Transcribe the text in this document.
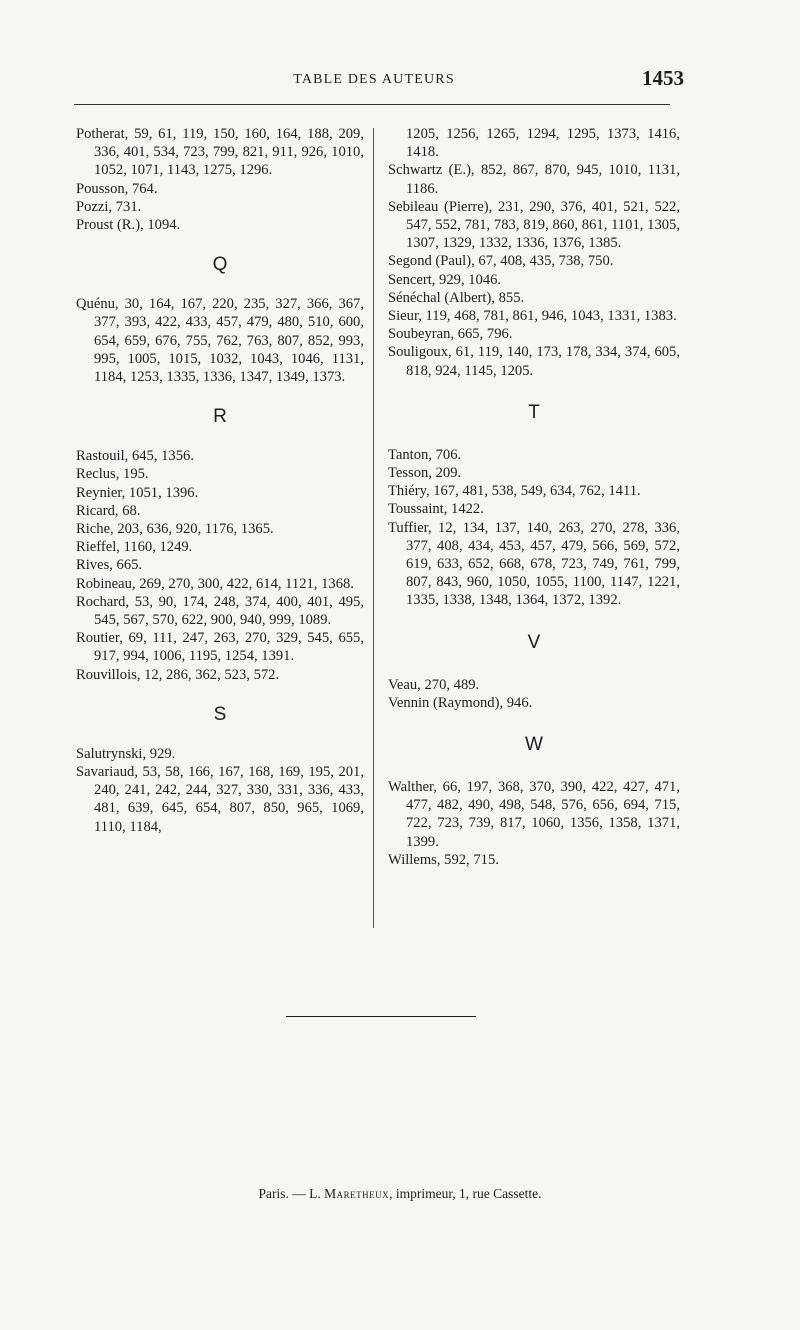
TABLE DES AUTEURS	1453
Potherat, 59, 61, 119, 150, 160, 164, 188, 209, 336, 401, 534, 723, 799, 821, 911, 926, 1010, 1052, 1071, 1143, 1275, 1296.
Pousson, 764.
Pozzi, 731.
Proust (R.), 1094.
Q
Quénu, 30, 164, 167, 220, 235, 327, 366, 367, 377, 393, 422, 433, 457, 479, 480, 510, 600, 654, 659, 676, 755, 762, 763, 807, 852, 993, 995, 1005, 1015, 1032, 1043, 1046, 1131, 1184, 1253, 1335, 1336, 1347, 1349, 1373.
R
Rastouil, 645, 1356.
Reclus, 195.
Reynier, 1051, 1396.
Ricard, 68.
Riche, 203, 636, 920, 1176, 1365.
Rieffel, 1160, 1249.
Rives, 665.
Robineau, 269, 270, 300, 422, 614, 1121, 1368.
Rochard, 53, 90, 174, 248, 374, 400, 401, 495, 545, 567, 570, 622, 900, 940, 999, 1089.
Routier, 69, 111, 247, 263, 270, 329, 545, 655, 917, 994, 1006, 1195, 1254, 1391.
Rouvillois, 12, 286, 362, 523, 572.
S
Salutrynski, 929.
Savariaud, 53, 58, 166, 167, 168, 169, 195, 201, 240, 241, 242, 244, 327, 330, 331, 336, 433, 481, 639, 645, 654, 807, 850, 965, 1069, 1110, 1184,
1205, 1256, 1265, 1294, 1295, 1373, 1416, 1418.
Schwartz (E.), 852, 867, 870, 945, 1010, 1131, 1186.
Sebileau (Pierre), 231, 290, 376, 401, 521, 522, 547, 552, 781, 783, 819, 860, 861, 1101, 1305, 1307, 1329, 1332, 1336, 1376, 1385.
Segond (Paul), 67, 408, 435, 738, 750.
Sencert, 929, 1046.
Sénéchal (Albert), 855.
Sieur, 119, 468, 781, 861, 946, 1043, 1331, 1383.
Soubeyran, 665, 796.
Souligoux, 61, 119, 140, 173, 178, 334, 374, 605, 818, 924, 1145, 1205.
T
Tanton, 706.
Tesson, 209.
Thiéry, 167, 481, 538, 549, 634, 762, 1411.
Toussaint, 1422.
Tuffier, 12, 134, 137, 140, 263, 270, 278, 336, 377, 408, 434, 453, 457, 479, 566, 569, 572, 619, 633, 652, 668, 678, 723, 749, 761, 799, 807, 843, 960, 1050, 1055, 1100, 1147, 1221, 1335, 1338, 1348, 1364, 1372, 1392.
V
Veau, 270, 489.
Vennin (Raymond), 946.
W
Walther, 66, 197, 368, 370, 390, 422, 427, 471, 477, 482, 490, 498, 548, 576, 656, 694, 715, 722, 723, 739, 817, 1060, 1356, 1358, 1371, 1399.
Willems, 592, 715.
Paris. — L. Maretheux, imprimeur, 1, rue Cassette.
